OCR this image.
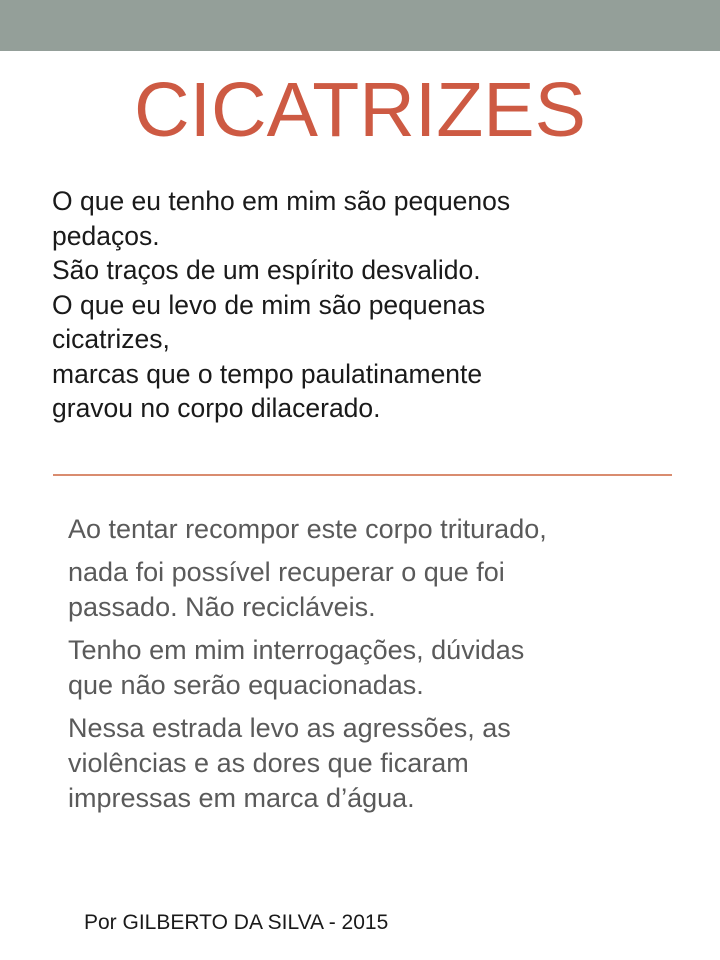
CICATRIZES
O que eu tenho em mim são pequenos
pedaços.
São traços de um espírito desvalido.
O que eu levo de mim são pequenas
cicatrizes,
marcas que o tempo paulatinamente
gravou no corpo dilacerado.
Ao tentar recompor este corpo triturado,
nada foi possível recuperar o que foi
passado. Não recicláveis.
Tenho em mim interrogações, dúvidas
que não serão equacionadas.
Nessa estrada levo as agressões, as
violências e as dores que ficaram
impressas em marca d’água.
Por GILBERTO DA SILVA - 2015
